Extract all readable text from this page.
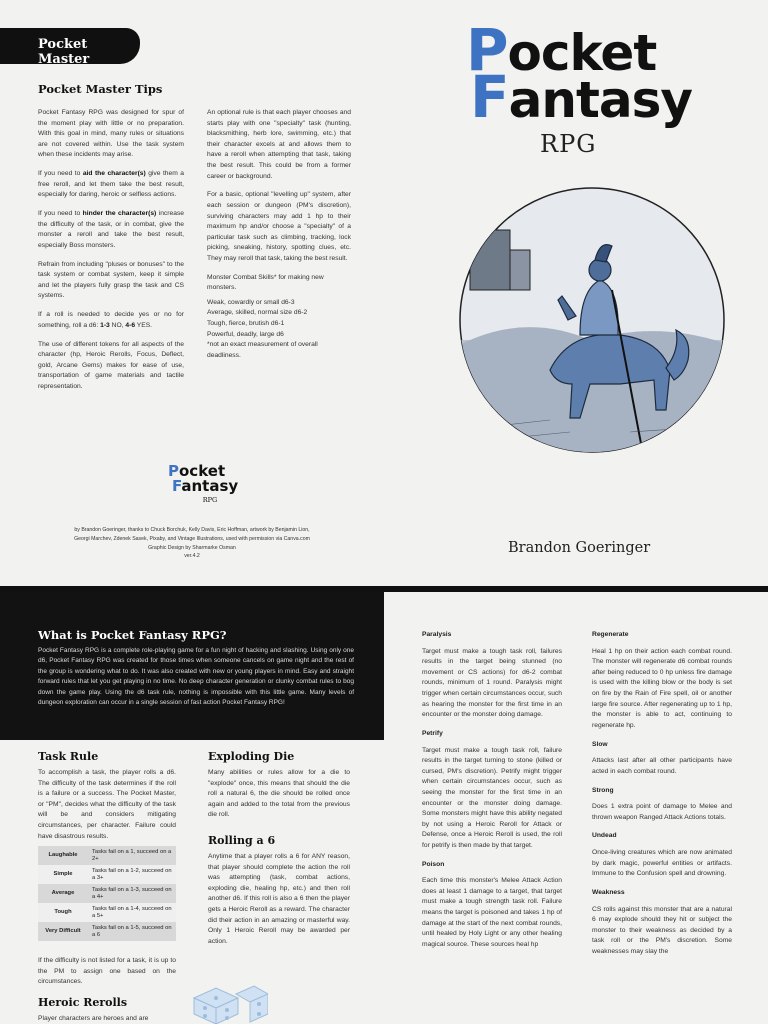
Pocket Master
Pocket Master Tips

Pocket Fantasy RPG was designed for spur of the moment play with little or no preparation. With this goal in mind, many rules or situations are not covered within. Use the task system when these incidents may arise.

If you need to aid the character(s) give them a free reroll, and let them take the best result, especially for daring, heroic or selfless actions.

If you need to hinder the character(s) increase the difficulty of the task, or in combat, give the monster a reroll and take the best result, especially Boss monsters.

Refrain from including "pluses or bonuses" to the task system or combat system, keep it simple and let the players fully grasp the task and CS systems.

If a roll is needed to decide yes or no for something, roll a d6: 1-3 NO, 4-6 YES.

The use of different tokens for all aspects of the character (hp, Heroic Rerolls, Focus, Deflect, gold, Arcane Gems) makes for ease of use, transportation of game materials and tactile representation.

An optional rule is that each player chooses and starts play with one "specialty" task (hunting, blacksmithing, herb lore, swimming, etc.) that their character excels at and allows them to have a reroll when attempting that task, taking the best result. This could be from a former career or background.

For a basic, optional "levelling up" system, after each session or dungeon (PM's discretion), surviving characters may add 1 hp to their maximum hp and/or choose a "specialty" of a particular task such as climbing, tracking, lock picking, sneaking, history, spotting clues, etc. They may reroll that task, taking the best result.

Monster Combat Skills* for making new monsters.
Weak, cowardly or small d6-3
Average, skilled, normal size d6-2
Tough, fierce, brutish d6-1
Powerful, deadly, large d6
*not an exact measurement of overall deadliness.
Pocket
Fantasy
RPG
by Brandon Goeringer, thanks to Chuck Borchuk, Kelly Davis, Eric Hoffman, artwork by Benjamin Lion,
Georgi Marchev, Zdenek Sasek, Pixaby, and Vintage Illustrations, used with permission via Canva.com
Graphic Design by Sharmarke Osman
ver.4.2
Pocket
Fantasy
RPG
Brandon Goeringer
What is Pocket Fantasy RPG?
Pocket Fantasy RPG is a complete role-playing game for a fun night of hacking and slashing. Using only one d6, Pocket Fantasy RPG was created for those times when someone cancels on game night and the rest of the group is wondering what to do. It was also created with new or young players in mind. Easy and straight forward rules that let you get playing in no time. No deep character generation or clunky combat rules to bog down the game play. Using the d6 task rule, nothing is impossible with this little game. Many levels of dungeon exploration can occur in a single session of fast action Pocket Fantasy RPG!
Task Rule
To accomplish a task, the player rolls a d6. The difficulty of the task determines if the roll is a failure or a success. The Pocket Master, or "PM", decides what the difficulty of the task will be and considers mitigating circumstances, per character. Failure could have disastrous results.
Laughable	Tasks fail on a 1, succeed on a 2+
Simple	Tasks fail on a 1-2, succeed on a 3+
Average	Tasks fail on a 1-3, succeed on a 4+
Tough	Tasks fail on a 1-4, succeed on a 5+
Very Difficult	Tasks fail on a 1-5, succeed on a 6
If the difficulty is not listed for a task, it is up to the PM to assign one based on the circumstances.
Heroic Rerolls
Player characters are heroes and are
Exploding Die
Many abilities or rules allow for a die to "explode" once, this means that should the die roll a natural 6, the die should be rolled once again and added to the total from the previous die roll.
Rolling a 6
Anytime that a player rolls a 6 for ANY reason, that player should complete the action the roll was attempting (task, combat actions, exploding die, healing hp, etc.) and then roll another d6. If this roll is also a 6 then the player gets a Heroic Reroll as a reward. The character did their action in an amazing or masterful way. Only 1 Heroic Reroll may be awarded per action.
Paralysis

Target must make a tough task roll, failures results in the target being stunned (no movement or CS actions) for d6-2 combat rounds, minimum of 1 round. Paralysis might trigger when certain circumstances occur, such as hearing the monster for the first time in an encounter or the monster doing damage.

Petrify

Target must make a tough task roll, failure results in the target turning to stone (killed or cursed, PM's discretion). Petrify might trigger when certain circumstances occur, such as seeing the monster for the first time in an encounter or the monster doing damage. Some monsters might have this ability negated by not using a Heroic Reroll for Attack or Defense, once a Heroic Reroll is used, the roll for petrify is then made by that target.

Poison

Each time this monster's Melee Attack Action does at least 1 damage to a target, that target must make a tough strength task roll. Failure means the target is poisoned and takes 1 hp of damage at the start of the next combat rounds, until healed by Holy Light or any other healing magical source. These sources heal hp

Regenerate

Heal 1 hp on their action each combat round. The monster will regenerate d6 combat rounds after being reduced to 0 hp unless fire damage is used with the killing blow or the body is set on fire by the Rain of Fire spell, oil or another large fire source. After regenerating up to 1 hp, the monster is able to act, continuing to regenerate hp.

Slow

Attacks last after all other participants have acted in each combat round.

Strong

Does 1 extra point of damage to Melee and thrown weapon Ranged Attack Actions totals.

Undead

Once-living creatures which are now animated by dark magic, powerful entities or artifacts. Immune to the Confusion spell and drowning.

Weakness

CS rolls against this monster that are a natural 6 may explode should they hit or subject the monster to their weakness as decided by a task roll or the PM's discretion. Some weaknesses may slay the
